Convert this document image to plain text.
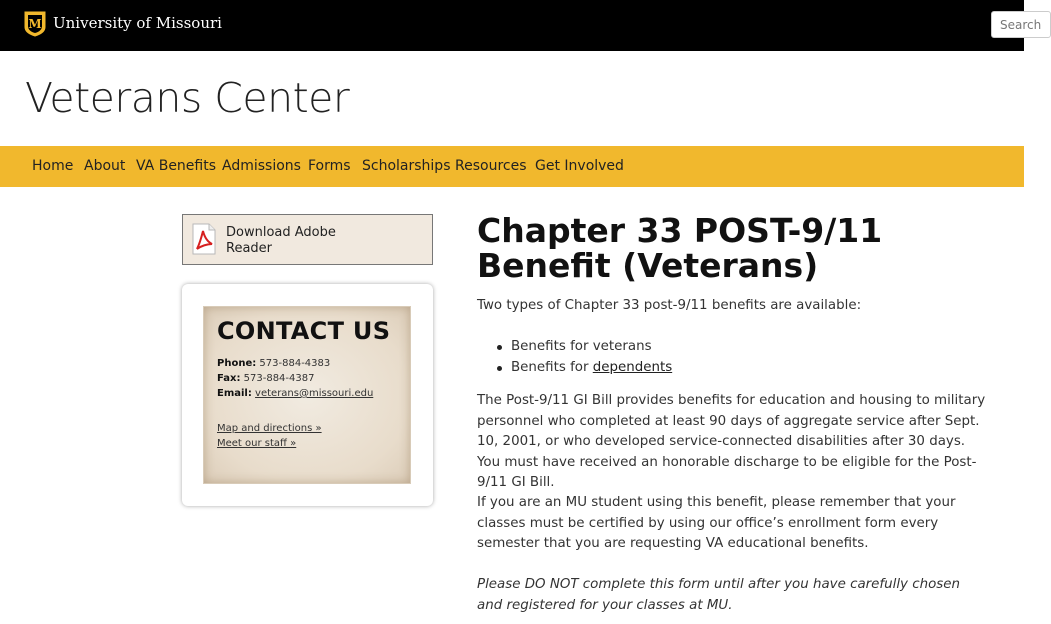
M University of Missouri	Search
Veterans Center
Home About VA Benefits Admissions Forms Scholarships Resources Get Involved
Download Adobe Reader
CONTACT US
Phone: 573-884-4383
Fax: 573-884-4387
Email: veterans@missouri.edu
Map and directions »
Meet our staff »
Chapter 33 POST-9/11 Benefit (Veterans)

Two types of Chapter 33 post-9/11 benefits are available:

Benefits for veterans
Benefits for dependents

The Post-9/11 GI Bill provides benefits for education and housing to military personnel who completed at least 90 days of aggregate service after Sept. 10, 2001, or who developed service-connected disabilities after 30 days. You must have received an honorable discharge to be eligible for the Post-9/11 GI Bill.

If you are an MU student using this benefit, please remember that your classes must be certified by using our office’s enrollment form every semester that you are requesting VA educational benefits.

Please DO NOT complete this form until after you have carefully chosen and registered for your classes at MU.
